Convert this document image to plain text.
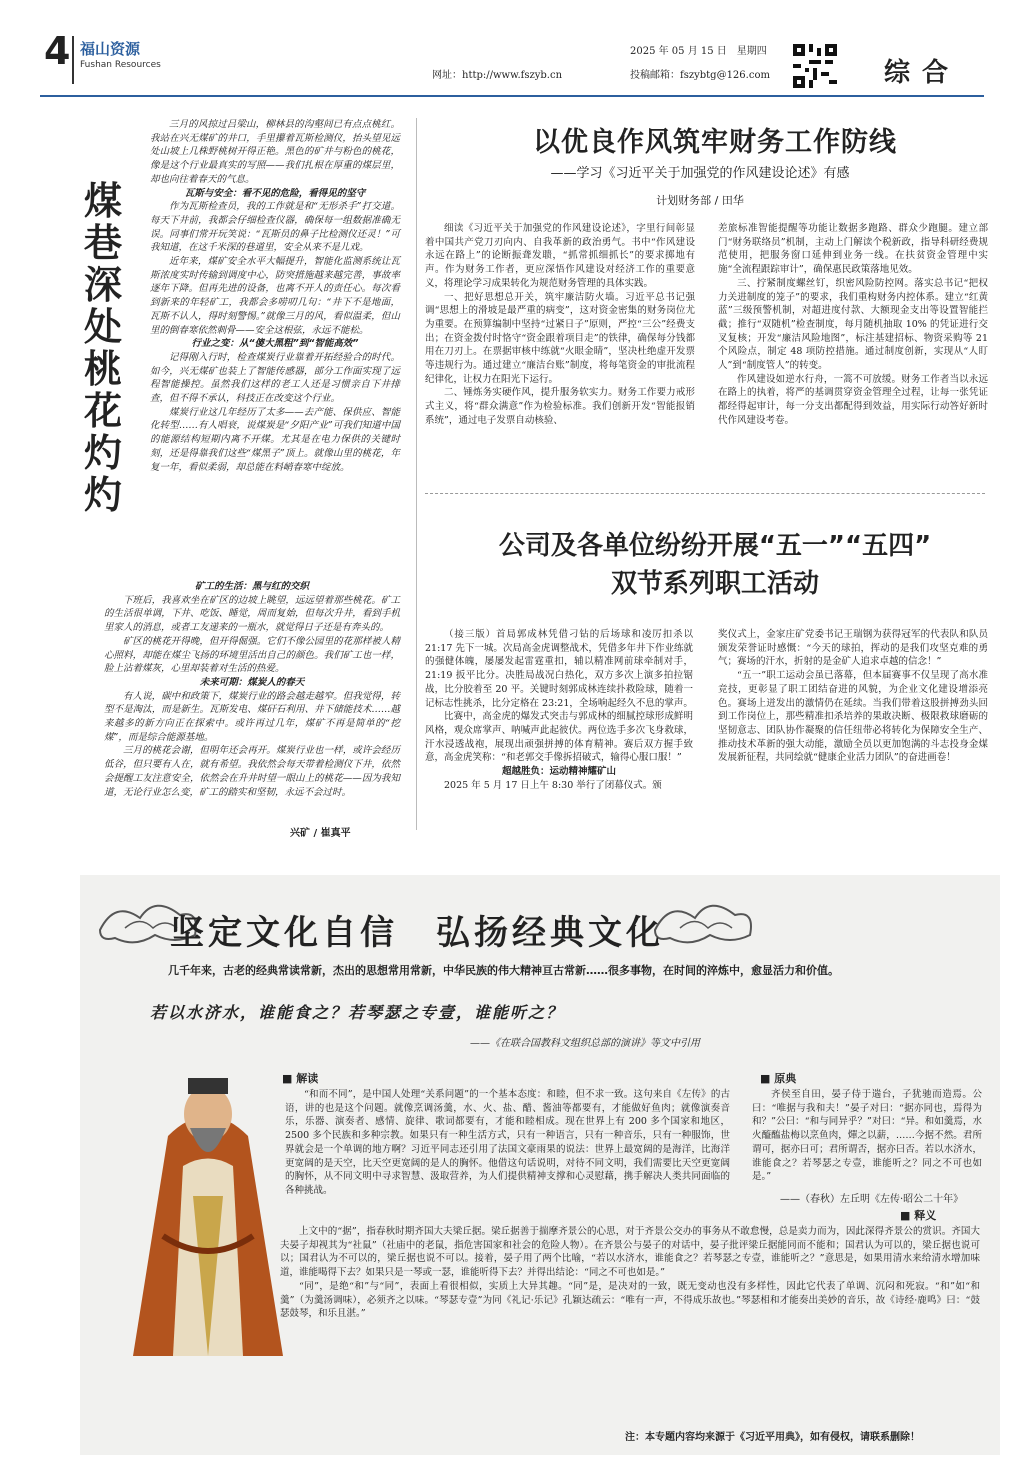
4 福山资源
Fushan Resources
2025 年 05 月 15 日　星期四
网址：http://www.fszyb.cn	投稿邮箱：fszybtg@126.com	综合
煤巷深处　桃花灼灼

三月的风掠过吕梁山，柳林县的沟壑间已有点点桃红。我站在兴无煤矿的井口，手里攥着瓦斯检测仪，抬头望见远处山坡上几株野桃树开得正艳。黑色的矿井与粉色的桃花，像是这个行业最真实的写照——我们扎根在厚重的煤层里，却也向往着春天的气息。

瓦斯与安全：看不见的危险，看得见的坚守

作为瓦斯检查员，我的工作就是和“无形杀手”打交道。每天下井前，我都会仔细检查仪器，确保每一组数据准确无误。同事们常开玩笑说：“瓦斯员的鼻子比检测仪还灵！”可我知道，在这千米深的巷道里，安全从来不是儿戏。

近年来，煤矿安全水平大幅提升，智能化监测系统让瓦斯浓度实时传输到调度中心，防突措施越来越完善，事故率逐年下降。但再先进的设备，也离不开人的责任心。每次看到新来的年轻矿工，我都会多唠叨几句：“井下不是地面，瓦斯不认人，得时刻警惕。”就像三月的风，看似温柔，但山里的倒春寒依然刺骨——安全这根弦，永远不能松。

行业之变：从“傻大黑粗”到“智能高效”

记得刚入行时，检查煤炭行业靠着开拓经验合的时代。如今，兴无煤矿也装上了智能传感器，部分工作面实现了远程智能操控。虽然我们这样的老工人还是习惯亲自下井排查，但不得不承认，科技正在改变这个行业。

煤炭行业这几年经历了太多——去产能、保供应、智能化转型……有人唱衰，说煤炭是“夕阳产业”可我们知道中国的能源结构短期内离不开煤。尤其是在电力保供的关键时刻，还是得靠我们这些“煤黑子”顶上。就像山里的桃花，年复一年，看似柔弱，却总能在料峭春寒中绽放。

矿工的生活：黑与红的交织

下班后，我喜欢坐在矿区的边坡上眺望，远远望着那些桃花。矿工的生活很单调，下井、吃饭、睡觉，周而复始，但每次升井，看到手机里家人的消息，或者工友递来的一瓶水，就觉得日子还是有奔头的。

矿区的桃花开得晚，但开得倔强。它们不像公园里的花那样被人精心照料，却能在煤尘飞扬的环境里活出自己的颜色。我们矿工也一样，脸上沾着煤灰，心里却装着对生活的热爱。

未来可期：煤炭人的春天

有人说，碳中和政策下，煤炭行业的路会越走越窄。但我觉得，转型不是淘汰，而是新生。瓦斯发电、煤矸石利用、井下储能技术……越来越多的新方向正在探索中。或许再过几年，煤矿不再是简单的“挖煤”，而是综合能源基地。

三月的桃花会谢，但明年还会再开。煤炭行业也一样，或许会经历低谷，但只要有人在，就有希望。我依然会每天带着检测仪下井，依然会提醒工友注意安全，依然会在升井时望一眼山上的桃花——因为我知道，无论行业怎么变，矿工的踏实和坚韧，永远不会过时。

兴矿 / 崔真平
以优良作风筑牢财务工作防线
——学习《习近平关于加强党的作风建设论述》有感
计划财务部 / 田华

细读《习近平关于加强党的作风建设论述》，字里行间彰显着中国共产党刀刃向内、自我革新的政治勇气。书中“作风建设永远在路上”的论断振聋发聩，“抓常抓细抓长”的要求掷地有声。作为财务工作者，更应深悟作风建设对经济工作的重要意义，将理论学习成果转化为规范财务管理的具体实践。

一、把好思想总开关，筑牢廉洁防火墙。习近平总书记强调“思想上的滑坡是最严重的病变”，这对资金密集的财务岗位尤为重要。在预算编制中坚持“过紧日子”原则，严控“三公”经费支出；在资金拨付时恪守“资金跟着项目走”的铁律，确保每分钱都用在刀刃上。在票据审核中练就“火眼金睛”，坚决杜绝虚开发票等违规行为。通过建立“廉洁台账”制度，将每笔资金的审批流程纪律化，让权力在阳光下运行。

二、锤炼务实硬作风，提升服务软实力。财务工作要力戒形式主义，将“群众满意”作为检验标准。我们创新开发“智能报销系统”，通过电子发票自动核验、

差旅标准智能提醒等功能让数据多跑路、群众少跑腿。建立部门“财务联络员”机制，主动上门解读个税新政，指导科研经费规范使用，把服务窗口延伸到业务一线。在扶贫资金管理中实施“全流程跟踪审计”，确保惠民政策落地见效。

三、拧紧制度螺丝钉，织密风险防控网。落实总书记“把权力关进制度的笼子”的要求，我们重构财务内控体系。建立“红黄蓝”三级预警机制，对超进度付款、大额现金支出等设置智能拦截；推行“双随机”检查制度，每月随机抽取 10% 的凭证进行交叉复核；开发“廉洁风险地图”，标注基建招标、物资采购等 21 个风险点，制定 48 项防控措施。通过制度创新，实现从“人盯人”到“制度管人”的转变。

作风建设如逆水行舟，一篙不可放缓。财务工作者当以永远在路上的执着，将严的基调贯穿资金管理全过程，让每一张凭证都经得起审计，每一分支出都配得到效益，用实际行动答好新时代作风建设考卷。

公司及各单位纷纷开展“五一”“五四”
双节系列职工活动

（接三版）首局郭成林凭借刁钻的后场球和凌厉扣杀以 21:17 先下一城。次局高金虎调整战术，凭借多年井下作业练就的强健体魄，屡屡发起雷霆重扣，辅以精准网前球牵制对手，21:19 扳平比分。决胜局战况白热化，双方多次上演多拍拉锯战，比分胶着至 20 平。关键时刻郭成林连续扑救险球，随着一记标志性挑杀，比分定格在 23:21，全场响起经久不息的掌声。

比赛中，高金虎的爆发式突击与郭成林的细腻控球形成鲜明风格，观众席掌声、呐喊声此起彼伏。两位选手多次飞身救球，汗水浸透战袍，展现出顽强拼搏的体育精神。赛后双方握手致意，高金虎笑称：“和老郭交手像拆招破式，输得心服口服！”

超越胜负：运动精神耀矿山

2025 年 5 月 17 日上午 8:30 举行了闭幕仪式。颁

奖仪式上，金家庄矿党委书记王瑞钢为获得冠军的代表队和队员颁发荣誉证时感慨：“今天的球拍，挥动的是我们攻坚克难的勇气；赛场的汗水，折射的是金矿人追求卓越的信念！”

“五一”职工运动会虽已落幕，但本届赛事不仅呈现了高水准竞技，更彰显了职工团结奋进的风貌，为企业文化建设增添亮色。赛场上迸发出的激情仍在延续。当我们带着这股拼搏劲头回到工作岗位上，那些精准扣杀培养的果敢决断、极限救球磨砺的坚韧意志、团队协作凝聚的信任纽带必将转化为保障安全生产、推动技术革新的强大动能，激励全员以更加饱满的斗志投身金煤发展新征程，共同绘就“健康企业活力团队”的奋进画卷！

坚定文化自信　弘扬经典文化
几千年来，古老的经典常读常新，杰出的思想常用常新，中华民族的伟大精神亘古常新……很多事物，在时间的淬炼中，愈显活力和价值。
若以水济水，谁能食之？若琴瑟之专壹，谁能听之？
——《在联合国教科文组织总部的演讲》等文中引用
■ 解读	■ 原典
■ 释义

“和而不同”，是中国人处理“关系问题”的一个基本态度：和睦，但不求一致。这句来自《左传》的古语，讲的也是这个问题。就像烹调汤羹，水、火、盐、醋、酱油等都要有，才能做好鱼肉；就像演奏音乐，乐器、演奏者、感情、旋律、歌词都要有，才能和睦相成。现在世界上有 200 多个国家和地区，2500 多个民族和多种宗教。如果只有一种生活方式，只有一种语言，只有一种音乐，只有一种服饰，世界就会是一个单调的地方啊？习近平同志还引用了法国文豪雨果的说法：世界上最宽阔的是海洋，比海洋更宽阔的是天空，比天空更宽阔的是人的胸怀。他借这句话说明，对待不同文明，我们需要比天空更宽阔的胸怀，从不同文明中寻求智慧、汲取营养，为人们提供精神支撑和心灵慰藉，携手解决人类共同面临的各种挑战。

齐侯至自田，晏子侍于遄台，子犹驰而造焉。公曰：“唯据与我和夫！”晏子对曰：“据亦同也，焉得为和？”公曰：“和与同异乎？”对曰：“异。和如羹焉，水火醯醢盐梅以烹鱼肉，燀之以薪，……今据不然。君所谓可，据亦曰可；君所谓否，据亦曰否。若以水济水，谁能食之？若琴瑟之专壹，谁能听之？同之不可也如是。”

——（春秋）左丘明《左传·昭公二十年》

上文中的“据”，指春秋时期齐国大夫梁丘据。梁丘据善于揣摩齐景公的心思，对于齐景公交办的事务从不敢怠慢，总是卖力而为，因此深得齐景公的赏识。齐国大夫晏子却视其为“社鼠”（社庙中的老鼠，指危害国家和社会的危险人物）。在齐景公与晏子的对话中，晏子批评梁丘据能同而不能和；国君认为可以的，梁丘据也说可以；国君认为不可以的，梁丘据也说不可以。接着，晏子用了两个比喻，“若以水济水，谁能食之？若琴瑟之专壹，谁能听之？”意思是，如果用清水来给清水增加味道，谁能喝得下去？如果只是一琴或一瑟，谁能听得下去？并得出结论：“同之不可也如是。”

“同”，是绝“和”与“同”，表面上看很相似，实质上大异其趣。“同”是，是决对的一致，既无变动也没有多样性，因此它代表了单调、沉闷和死寂。“和”如“和羹”（为羹汤调味），必须齐之以味。“琴瑟专壹”为同《礼记·乐记》孔颖达疏云：“唯有一声，不得成乐故也。”琴瑟相和才能奏出美妙的音乐，故《诗经·鹿鸣》曰：“鼓瑟鼓琴，和乐且湛。”

注：本专题内容均来源于《习近平用典》，如有侵权，请联系删除！
